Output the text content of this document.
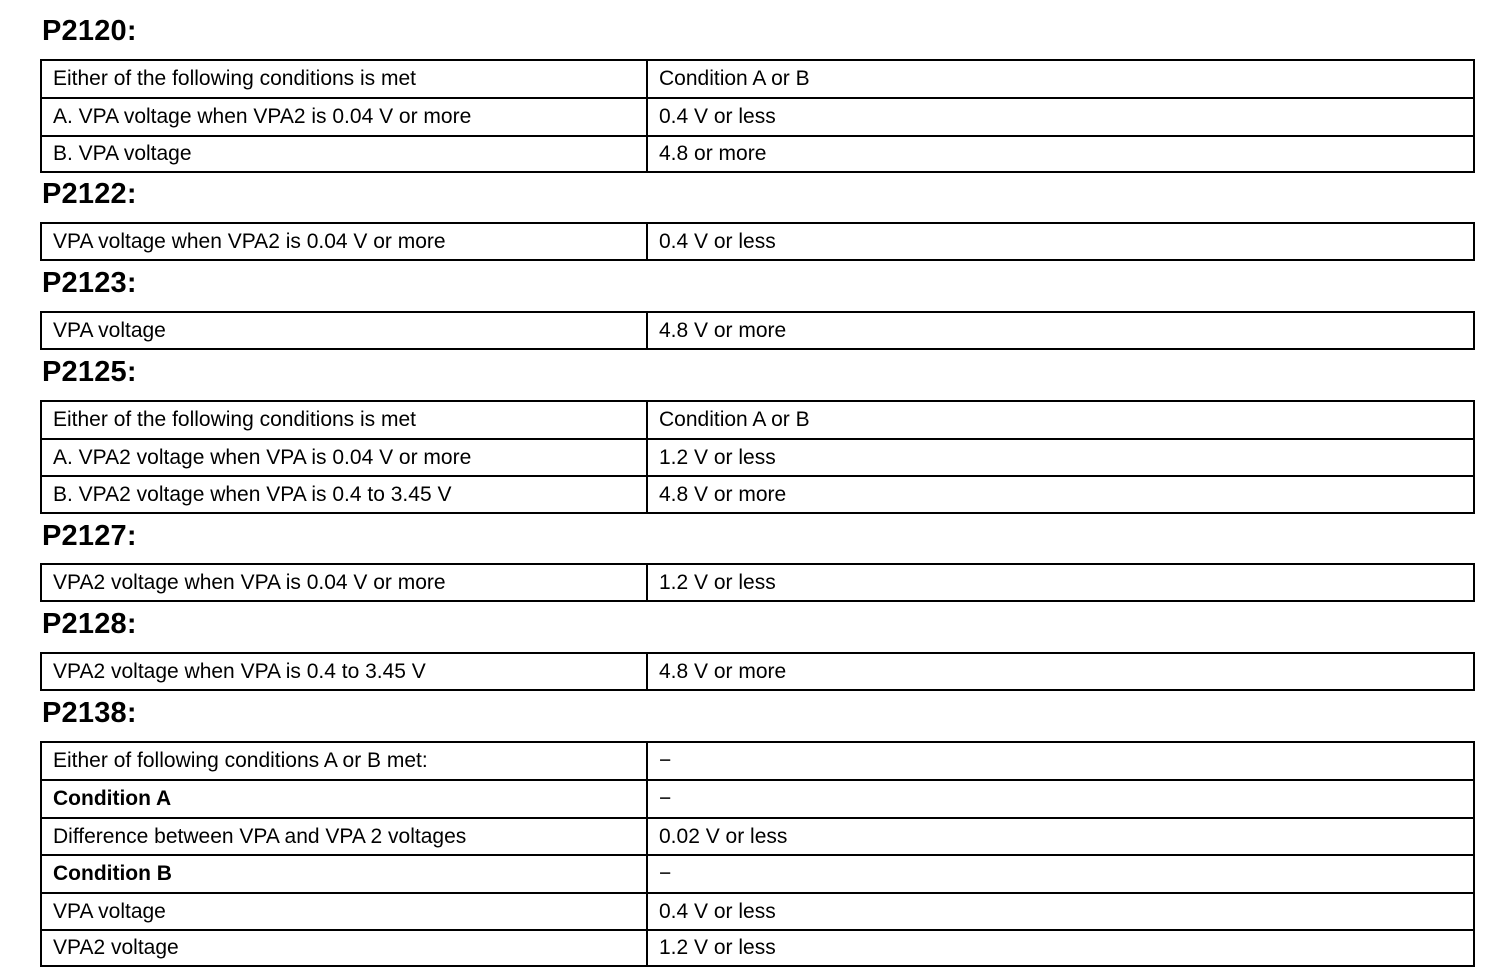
P2120:
Either of the following conditions is met	Condition A or B
A. VPA voltage when VPA2 is 0.04 V or more	0.4 V or less
B. VPA voltage	4.8 or more
P2122:
VPA voltage when VPA2 is 0.04 V or more	0.4 V or less
P2123:
VPA voltage	4.8 V or more
P2125:
Either of the following conditions is met	Condition A or B
A. VPA2 voltage when VPA is 0.04 V or more	1.2 V or less
B. VPA2 voltage when VPA is 0.4 to 3.45 V	4.8 V or more
P2127:
VPA2 voltage when VPA is 0.04 V or more	1.2 V or less
P2128:
VPA2 voltage when VPA is 0.4 to 3.45 V	4.8 V or more
P2138:
Either of following conditions A or B met:	−
Condition A	−
Difference between VPA and VPA 2 voltages	0.02 V or less
Condition B	−
VPA voltage	0.4 V or less
VPA2 voltage	1.2 V or less
